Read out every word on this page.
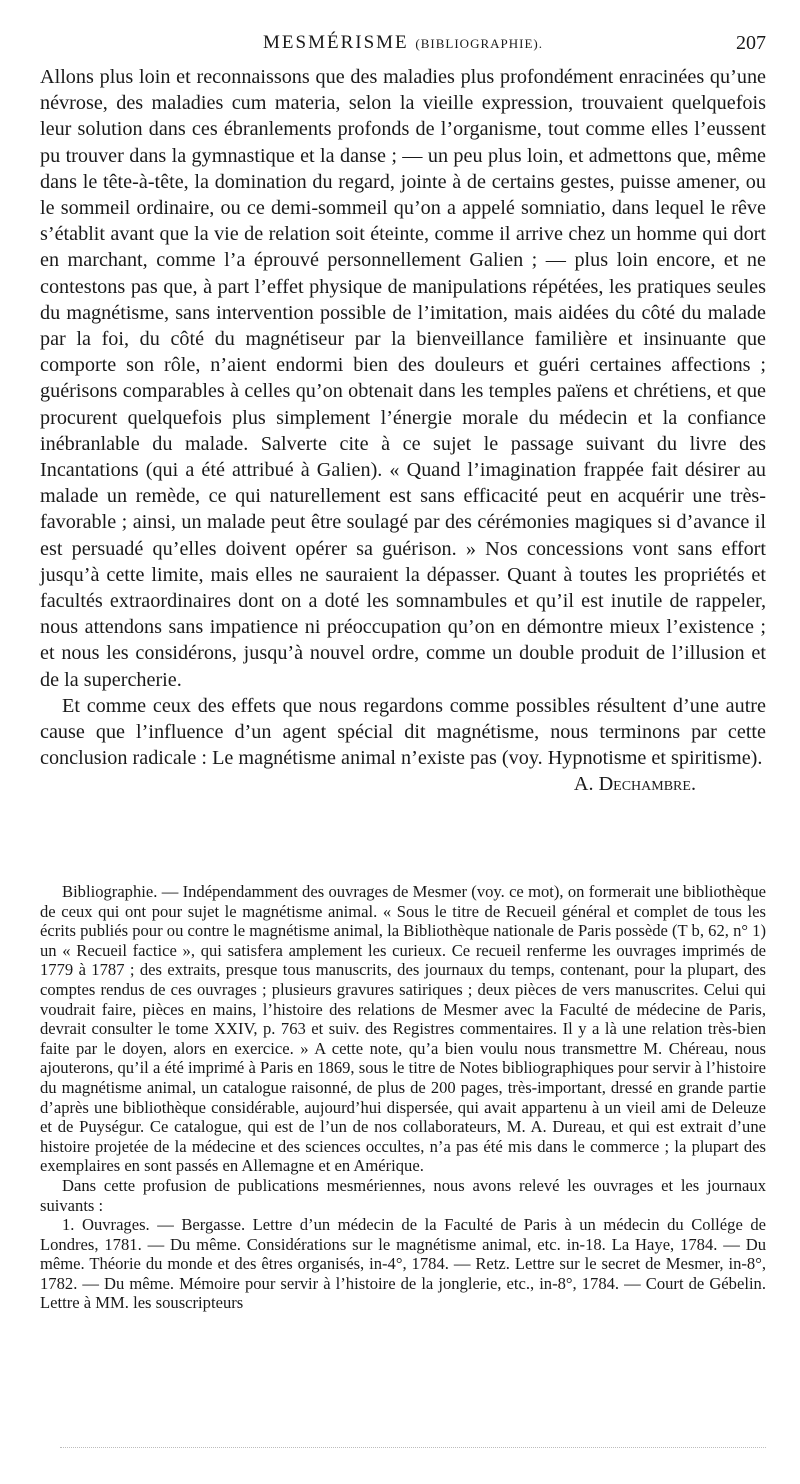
MESMÉRISME (BIBLIOGRAPHIE).	207

Allons plus loin et reconnaissons que des maladies plus profondément enracinées qu’une névrose, des maladies cum materia, selon la vieille expression, trouvaient quelquefois leur solution dans ces ébranlements profonds de l’organisme, tout comme elles l’eussent pu trouver dans la gymnastique et la danse ; — un peu plus loin, et admettons que, même dans le tête-à-tête, la domination du regard, jointe à de certains gestes, puisse amener, ou le sommeil ordinaire, ou ce demi-sommeil qu’on a appelé somniatio, dans lequel le rêve s’établit avant que la vie de relation soit éteinte, comme il arrive chez un homme qui dort en marchant, comme l’a éprouvé personnellement Galien ; — plus loin encore, et ne contestons pas que, à part l’effet physique de manipulations répétées, les pratiques seules du magnétisme, sans intervention possible de l’imitation, mais aidées du côté du malade par la foi, du côté du magnétiseur par la bienveillance familière et insinuante que comporte son rôle, n’aient endormi bien des douleurs et guéri certaines affections ; guérisons comparables à celles qu’on obtenait dans les temples païens et chrétiens, et que procurent quelquefois plus simplement l’énergie morale du médecin et la confiance inébranlable du malade. Salverte cite à ce sujet le passage suivant du livre des Incantations (qui a été attribué à Galien). « Quand l’imagination frappée fait désirer au malade un remède, ce qui naturellement est sans efficacité peut en acquérir une très-favorable ; ainsi, un malade peut être soulagé par des cérémonies magiques si d’avance il est persuadé qu’elles doivent opérer sa guérison. » Nos concessions vont sans effort jusqu’à cette limite, mais elles ne sauraient la dépasser. Quant à toutes les propriétés et facultés extraordinaires dont on a doté les somnambules et qu’il est inutile de rappeler, nous attendons sans impatience ni préoccupation qu’on en démontre mieux l’existence ; et nous les considérons, jusqu’à nouvel ordre, comme un double produit de l’illusion et de la supercherie.

Et comme ceux des effets que nous regardons comme possibles résultent d’une autre cause que l’influence d’un agent spécial dit magnétisme, nous terminons par cette conclusion radicale : Le magnétisme animal n’existe pas (voy. Hypnotisme et spiritisme).

A. Dechambre.

Bibliographie. — Indépendamment des ouvrages de Mesmer (voy. ce mot), on formerait une bibliothèque de ceux qui ont pour sujet le magnétisme animal. « Sous le titre de Recueil général et complet de tous les écrits publiés pour ou contre le magnétisme animal, la Bibliothèque nationale de Paris possède (T b, 62, n° 1) un « Recueil factice », qui satisfera amplement les curieux. Ce recueil renferme les ouvrages imprimés de 1779 à 1787 ; des extraits, presque tous manuscrits, des journaux du temps, contenant, pour la plupart, des comptes rendus de ces ouvrages ; plusieurs gravures satiriques ; deux pièces de vers manuscrites. Celui qui voudrait faire, pièces en mains, l’histoire des relations de Mesmer avec la Faculté de médecine de Paris, devrait consulter le tome XXIV, p. 763 et suiv. des Registres commentaires. Il y a là une relation très-bien faite par le doyen, alors en exercice. » A cette note, qu’a bien voulu nous transmettre M. Chéreau, nous ajouterons, qu’il a été imprimé à Paris en 1869, sous le titre de Notes bibliographiques pour servir à l’histoire du magnétisme animal, un catalogue raisonné, de plus de 200 pages, très-important, dressé en grande partie d’après une bibliothèque considérable, aujourd’hui dispersée, qui avait appartenu à un vieil ami de Deleuze et de Puységur. Ce catalogue, qui est de l’un de nos collaborateurs, M. A. Dureau, et qui est extrait d’une histoire projetée de la médecine et des sciences occultes, n’a pas été mis dans le commerce ; la plupart des exemplaires en sont passés en Allemagne et en Amérique.

Dans cette profusion de publications mesmériennes, nous avons relevé les ouvrages et les journaux suivants :

1. Ouvrages. — Bergasse. Lettre d’un médecin de la Faculté de Paris à un médecin du Collége de Londres, 1781. — Du même. Considérations sur le magnétisme animal, etc. in-18. La Haye, 1784. — Du même. Théorie du monde et des êtres organisés, in-4°, 1784. — Retz. Lettre sur le secret de Mesmer, in-8°, 1782. — Du même. Mémoire pour servir à l’histoire de la jonglerie, etc., in-8°, 1784. — Court de Gébelin. Lettre à MM. les souscripteurs
